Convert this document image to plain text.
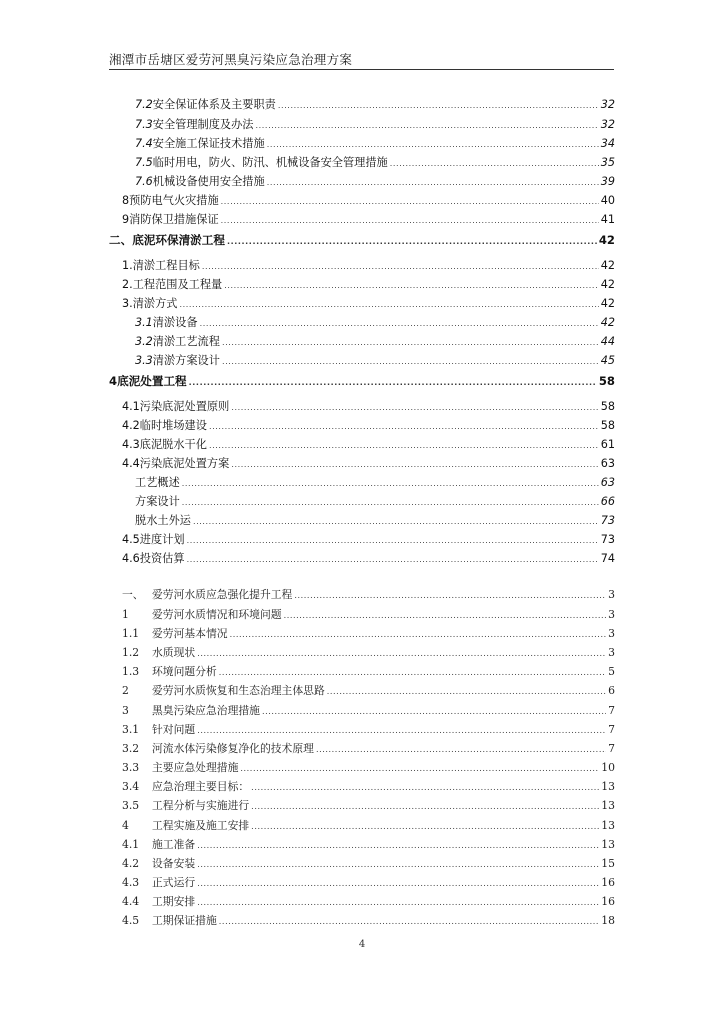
湘潭市岳塘区爱劳河黑臭污染应急治理方案
7.2 安全保证体系及主要职责 .....	32
7.3 安全管理制度及办法 .....	32
7.4 安全施工保证技术措施 .....	34
7.5 临时用电，防火、防汛、机械设备安全管理措施 .....	35
7.6 机械设备使用安全措施 .....	39
8 预防电气火灾措施 .....	40
9 消防保卫措施保证 .....	41
二、 底泥环保清淤工程 .....	42
1. 清淤工程目标 .....	42
2. 工程范围及工程量 .....	42
3. 清淤方式 .....	42
3.1 清淤设备 .....	42
3.2 清淤工艺流程 .....	44
3.3 清淤方案设计 .....	45
4 底泥处置工程 .....	58
4.1 污染底泥处置原则 .....	58
4.2 临时堆场建设 .....	58
4.3 底泥脱水干化 .....	61
4.4 污染底泥处置方案 .....	63
工艺概述 .....	63
方案设计 .....	66
脱水土外运 .....	73
4.5 进度计划 .....	73
4.6 投资估算 .....	74
一、 爱劳河水质应急强化提升工程 .....	3
1	爱劳河水质情况和环境问题 .....	3
1.1	爱劳河基本情况 .....	3
1.2	水质现状 .....	3
1.3	环境问题分析 .....	5
2	爱劳河水质恢复和生态治理主体思路 .....	6
3	黑臭污染应急治理措施 .....	7
3.1	针对问题 .....	7
3.2	河流水体污染修复净化的技术原理 .....	7
3.3	主要应急处理措施 .....	10
3.4	应急治理主要目标： .....	13
3.5	工程分析与实施进行 .....	13
4	工程实施及施工安排 .....	13
4.1	施工准备 .....	13
4.2	设备安装 .....	15
4.3	正式运行 .....	16
4.4	工期安排 .....	16
4.5	工期保证措施 .....	18
4
